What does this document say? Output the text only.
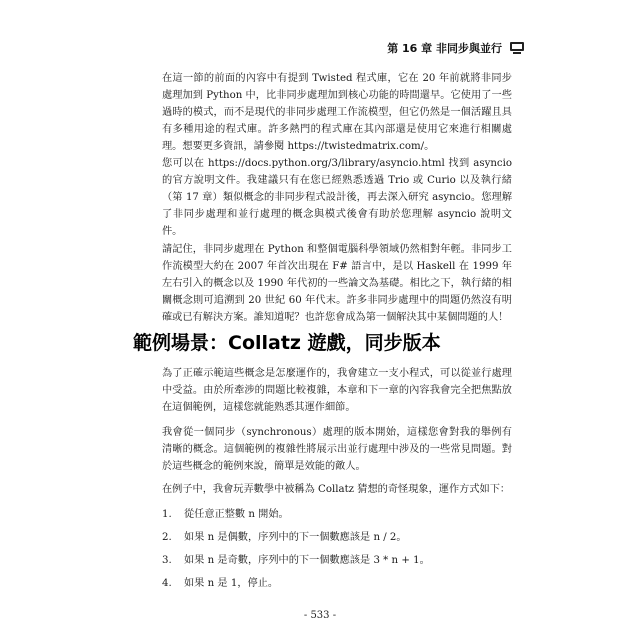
第 16 章 非同步與並行

在這一節的前面的內容中有提到 Twisted 程式庫，它在 20 年前就將非同步處理加到 Python 中，比非同步處理加到核心功能的時間還早。它使用了一些過時的模式，而不是現代的非同步處理工作流模型，但它仍然是一個活躍且具有多種用途的程式庫。許多熱門的程式庫在其內部還是使用它來進行相關處理。想要更多資訊，請參閱 https://twistedmatrix.com/。

您可以在 https://docs.python.org/3/library/asyncio.html 找到 asyncio 的官方說明文件。我建議只有在您已經熟悉透過 Trio 或 Curio 以及執行緒（第 17 章）類似概念的非同步程式設計後，再去深入研究 asyncio。您理解了非同步處理和並行處理的概念與模式後會有助於您理解 asyncio 說明文件。

請記住，非同步處理在 Python 和整個電腦科學領域仍然相對年輕。非同步工作流模型大約在 2007 年首次出現在 F# 語言中，是以 Haskell 在 1999 年左右引入的概念以及 1990 年代初的一些論文為基礎。相比之下，執行緒的相關概念則可追溯到 20 世紀 60 年代末。許多非同步處理中的問題仍然沒有明確或已有解決方案。誰知道呢？也許您會成為第一個解決其中某個問題的人！

範例場景：Collatz 遊戲，同步版本

為了正確示範這些概念是怎麼運作的，我會建立一支小程式，可以從並行處理中受益。由於所牽涉的問題比較複雜，本章和下一章的內容我會完全把焦點放在這個範例，這樣您就能熟悉其運作細節。

我會從一個同步（synchronous）處理的版本開始，這樣您會對我的舉例有清晰的概念。這個範例的複雜性將展示出並行處理中涉及的一些常見問題。對於這些概念的範例來說，簡單是效能的敵人。

在例子中，我會玩弄數學中被稱為 Collatz 猜想的奇怪現象，運作方式如下：

1. 從任意正整數 n 開始。
2. 如果 n 是偶數，序列中的下一個數應該是 n / 2。
3. 如果 n 是奇數，序列中的下一個數應該是 3 * n + 1。
4. 如果 n 是 1，停止。
- 533 -
